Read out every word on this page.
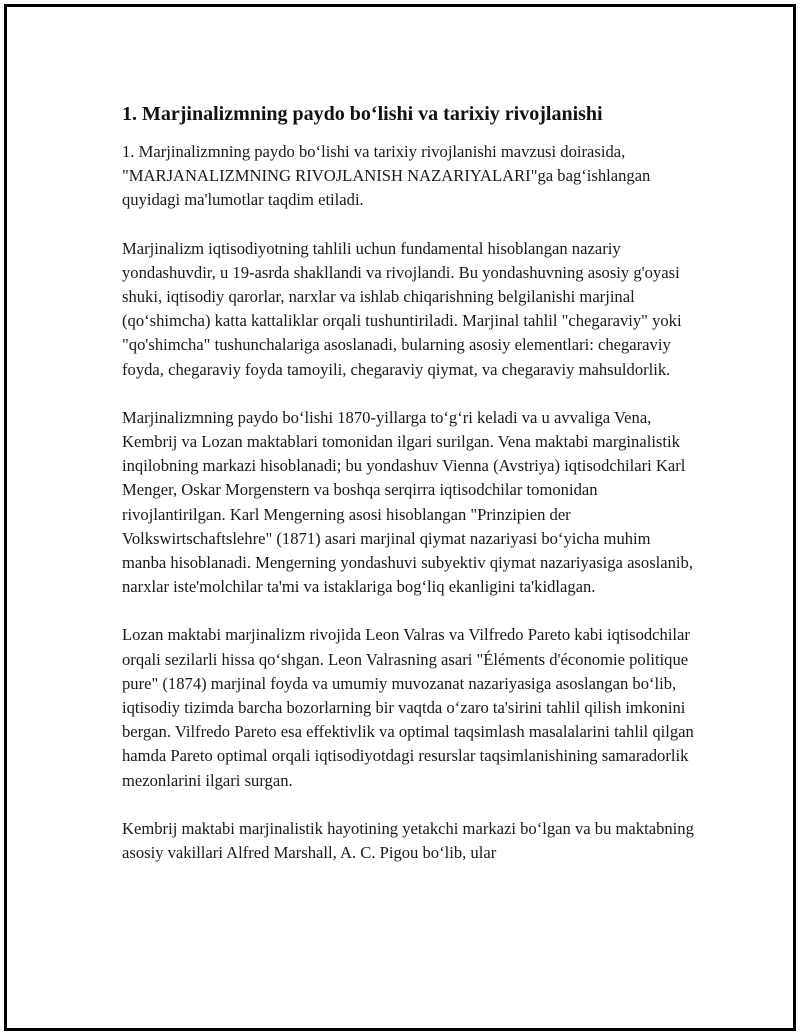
1. Marjinalizmning paydo bo‘lishi va tarixiy rivojlanishi

1. Marjinalizmning paydo bo‘lishi va tarixiy rivojlanishi mavzusi doirasida, "MARJANALIZMNING RIVOJLANISH NAZARIYALARI"ga bag‘ishlangan quyidagi ma'lumotlar taqdim etiladi.

Marjinalizm iqtisodiyotning tahlili uchun fundamental hisoblangan nazariy yondashuvdir, u 19-asrda shakllandi va rivojlandi. Bu yondashuvning asosiy g'oyasi shuki, iqtisodiy qarorlar, narxlar va ishlab chiqarishning belgilanishi marjinal (qo‘shimcha) katta kattaliklar orqali tushuntiriladi. Marjinal tahlil "chegaraviy" yoki "qo'shimcha" tushunchalariga asoslanadi, bularning asosiy elementlari: chegaraviy foyda, chegaraviy foyda tamoyili, chegaraviy qiymat, va chegaraviy mahsuldorlik.

Marjinalizmning paydo bo‘lishi 1870-yillarga to‘g‘ri keladi va u avvaliga Vena, Kembrij va Lozan maktablari tomonidan ilgari surilgan. Vena maktabi marginalistik inqilobning markazi hisoblanadi; bu yondashuv Vienna (Avstriya) iqtisodchilari Karl Menger, Oskar Morgenstern va boshqa serqirra iqtisodchilar tomonidan rivojlantirilgan. Karl Mengerning asosi hisoblangan "Prinzipien der Volkswirtschaftslehre" (1871) asari marjinal qiymat nazariyasi bo‘yicha muhim manba hisoblanadi. Mengerning yondashuvi subyektiv qiymat nazariyasiga asoslanib, narxlar iste'molchilar ta'mi va istaklariga bog‘liq ekanligini ta'kidlagan.

Lozan maktabi marjinalizm rivojida Leon Valras va Vilfredo Pareto kabi iqtisodchilar orqali sezilarli hissa qo‘shgan. Leon Valrasning asari "Éléments d'économie politique pure" (1874) marjinal foyda va umumiy muvozanat nazariyasiga asoslangan bo‘lib, iqtisodiy tizimda barcha bozorlarning bir vaqtda o‘zaro ta'sirini tahlil qilish imkonini bergan. Vilfredo Pareto esa effektivlik va optimal taqsimlash masalalarini tahlil qilgan hamda Pareto optimal orqali iqtisodiyotdagi resurslar taqsimlanishining samaradorlik mezonlarini ilgari surgan.

Kembrij maktabi marjinalistik hayotining yetakchi markazi bo‘lgan va bu maktabning asosiy vakillari Alfred Marshall, A. C. Pigou bo‘lib, ular
